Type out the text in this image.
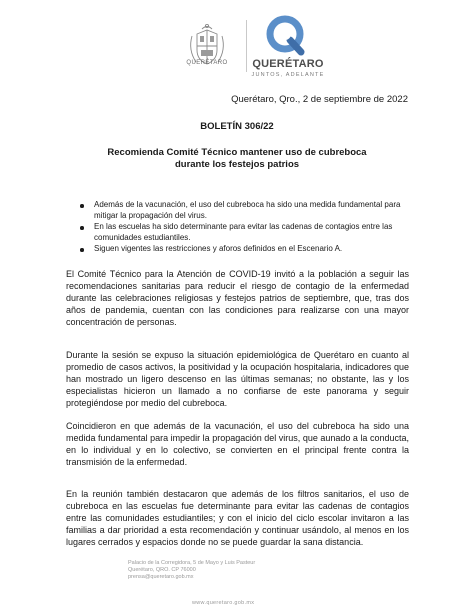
QUERÉTARO	QUERÉTARO
JUNTOS, ADELANTE
Querétaro, Qro., 2 de septiembre de 2022
BOLETÍN 306/22
Recomienda Comité Técnico mantener uso de cubreboca durante los festejos patrios
Además de la vacunación, el uso del cubreboca ha sido una medida fundamental para mitigar la propagación del virus.
En las escuelas ha sido determinante para evitar las cadenas de contagios entre las comunidades estudiantiles.
Siguen vigentes las restricciones y aforos definidos en el Escenario A.

El Comité Técnico para la Atención de COVID-19 invitó a la población a seguir las recomendaciones sanitarias para reducir el riesgo de contagio de la enfermedad durante las celebraciones religiosas y festejos patrios de septiembre, que, tras dos años de pandemia, cuentan con las condiciones para realizarse con una mayor concentración de personas.

Durante la sesión se expuso la situación epidemiológica de Querétaro en cuanto al promedio de casos activos, la positividad y la ocupación hospitalaria, indicadores que han mostrado un ligero descenso en las últimas semanas; no obstante, las y los especialistas hicieron un llamado a no confiarse de este panorama y seguir protegiéndose por medio del cubreboca.

Coincidieron en que además de la vacunación, el uso del cubreboca ha sido una medida fundamental para impedir la propagación del virus, que aunado a la conducta, en lo individual y en lo colectivo, se convierten en el principal frente contra la transmisión de la enfermedad.

En la reunión también destacaron que además de los filtros sanitarios, el uso de cubreboca en las escuelas fue determinante para evitar las cadenas de contagios entre las comunidades estudiantiles; y con el inicio del ciclo escolar invitaron a las familias a dar prioridad a esta recomendación y continuar usándolo, al menos en los lugares cerrados y espacios donde no se puede guardar la sana distancia.

Palacio de la Corregidora, 5 de Mayo y Luis Pasteur
Querétaro, QRO. CP 76000
prensa@queretaro.gob.mx
www.queretaro.gob.mx
